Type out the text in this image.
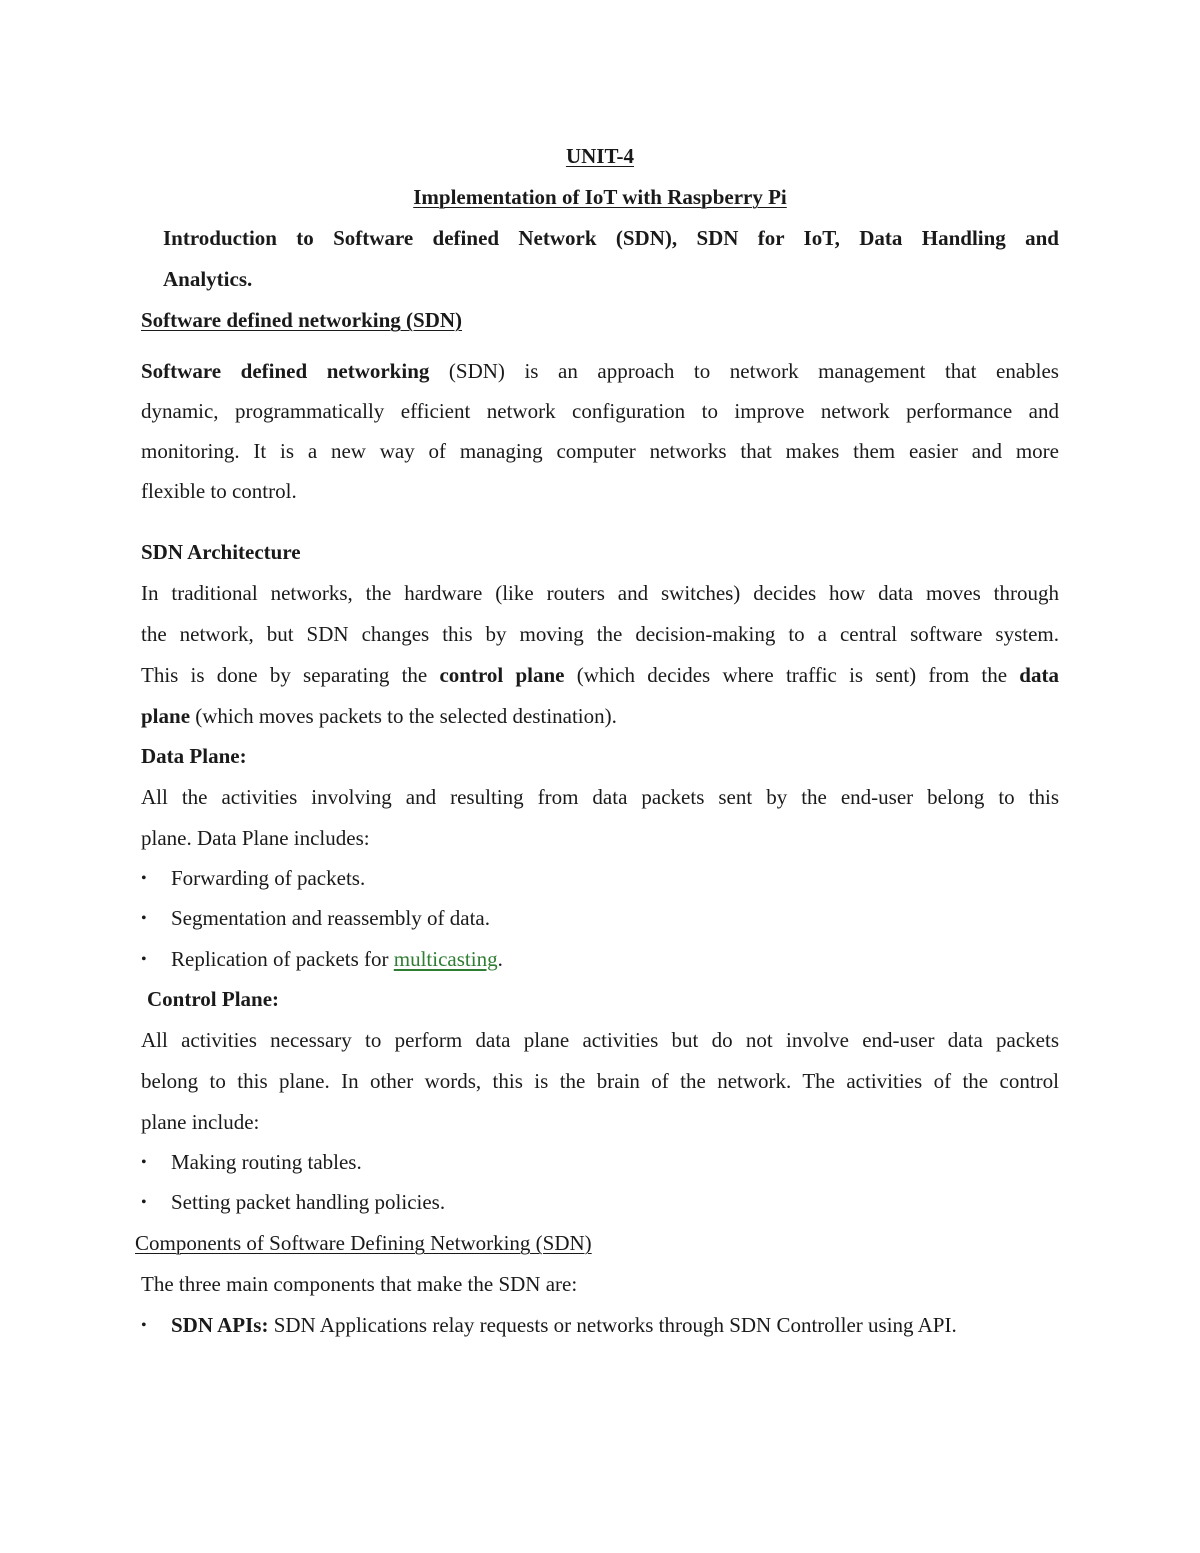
UNIT-4
Implementation of IoT with Raspberry Pi
Introduction to Software defined Network (SDN), SDN for IoT, Data Handling and
Analytics.
Software defined networking (SDN)
Software defined networking (SDN) is an approach to network management that enables
dynamic, programmatically efficient network configuration to improve network performance and
monitoring. It is a new way of managing computer networks that makes them easier and more
flexible to control.
SDN Architecture
In traditional networks, the hardware (like routers and switches) decides how data moves through
the network, but SDN changes this by moving the decision-making to a central software system.
This is done by separating the control plane (which decides where traffic is sent) from the data
plane (which moves packets to the selected destination).
Data Plane:
All the activities involving and resulting from data packets sent by the end-user belong to this
plane. Data Plane includes:
• Forwarding of packets.
• Segmentation and reassembly of data.
• Replication of packets for multicasting.
Control Plane:
All activities necessary to perform data plane activities but do not involve end-user data packets
belong to this plane. In other words, this is the brain of the network. The activities of the control
plane include:
• Making routing tables.
• Setting packet handling policies.
Components of Software Defining Networking (SDN)
The three main components that make the SDN are:
• SDN APIs: SDN Applications relay requests or networks through SDN Controller using API.
